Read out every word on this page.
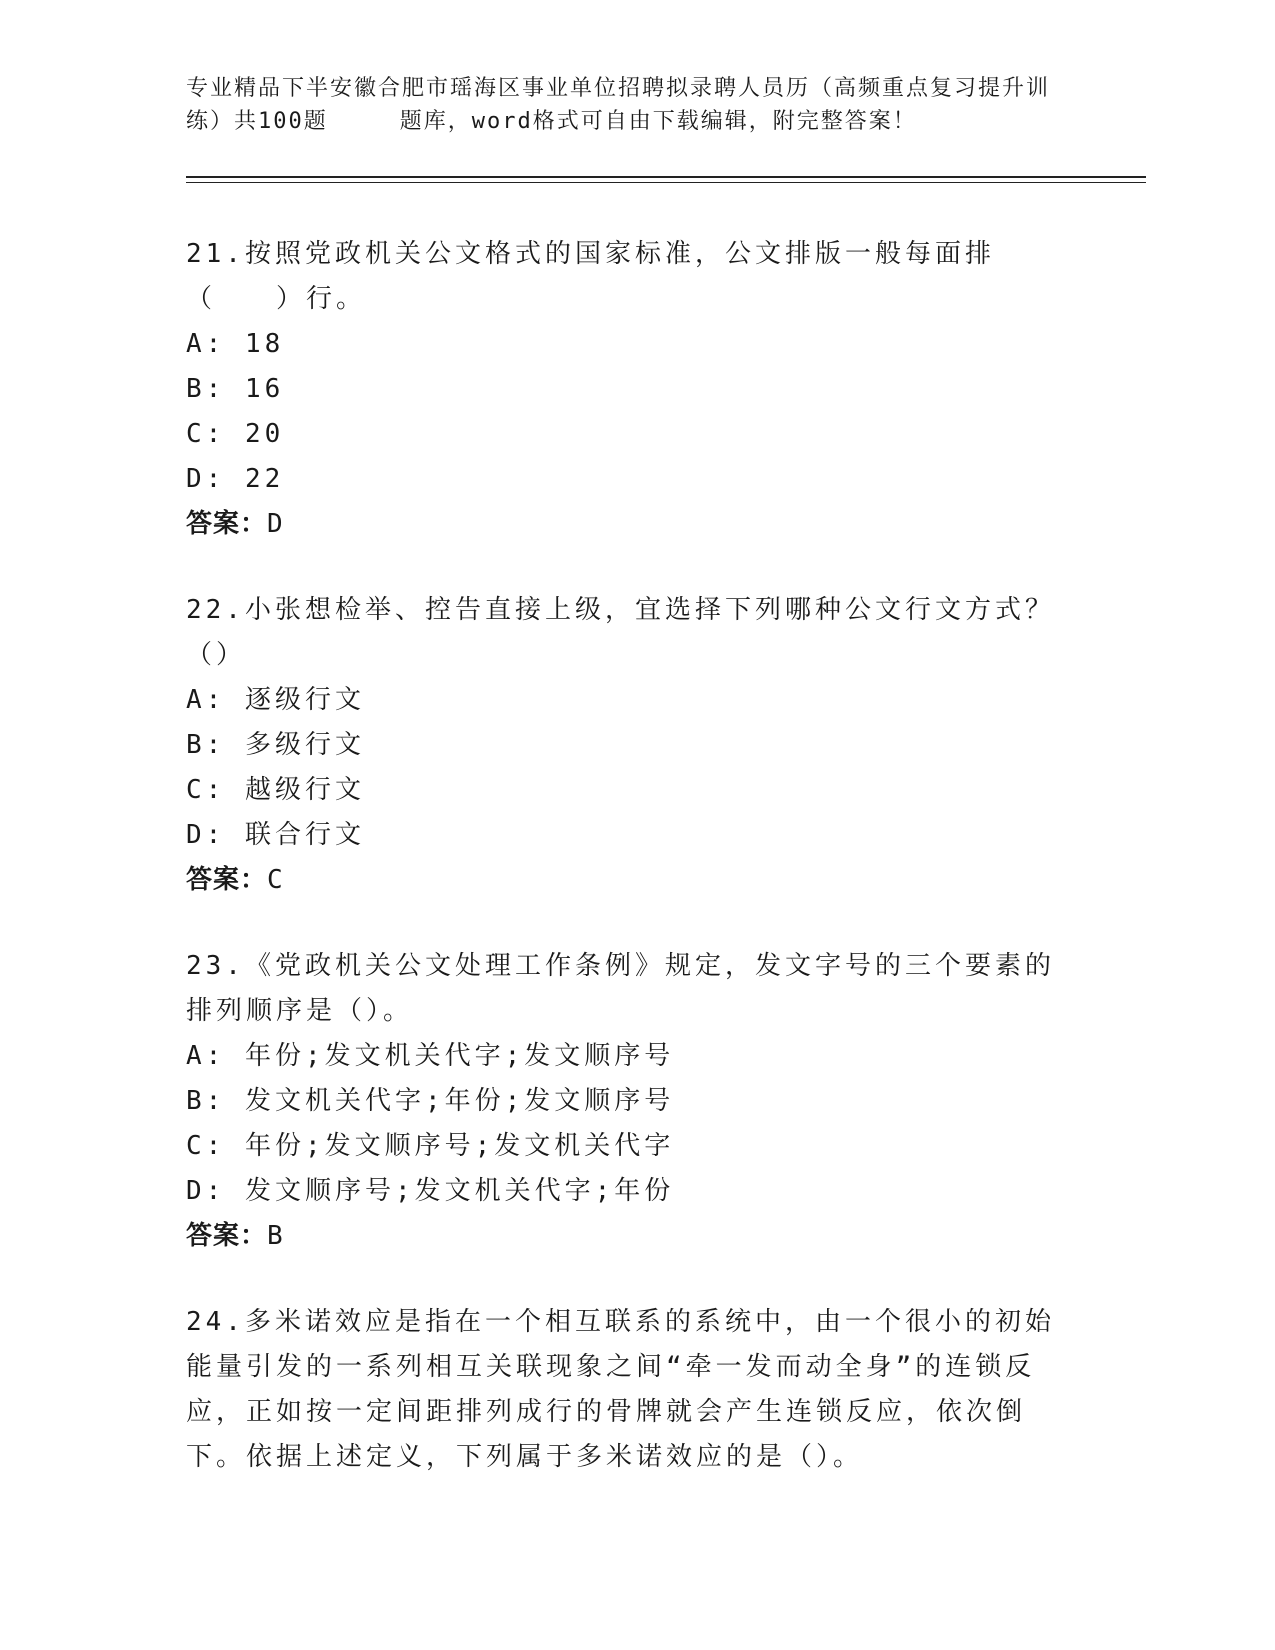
专业精品下半安徽合肥市瑶海区事业单位招聘拟录聘人员历（高频重点复习提升训
练）共100题	题库，word格式可自由下载编辑，附完整答案！
21.按照党政机关公文格式的国家标准，公文排版一般每面排（　　）行。
A: 18
B: 16
C: 20
D: 22
答案：D
22.小张想检举、控告直接上级，宜选择下列哪种公文行文方式？（）
A: 逐级行文
B: 多级行文
C: 越级行文
D: 联合行文
答案：C
23.《党政机关公文处理工作条例》规定，发文字号的三个要素的排列顺序是（）。
A: 年份;发文机关代字;发文顺序号
B: 发文机关代字;年份;发文顺序号
C: 年份;发文顺序号;发文机关代字
D: 发文顺序号;发文机关代字;年份
答案：B
24.多米诺效应是指在一个相互联系的系统中，由一个很小的初始能量引发的一系列相互关联现象之间“牵一发而动全身”的连锁反应，正如按一定间距排列成行的骨牌就会产生连锁反应，依次倒下。依据上述定义，下列属于多米诺效应的是（）。
